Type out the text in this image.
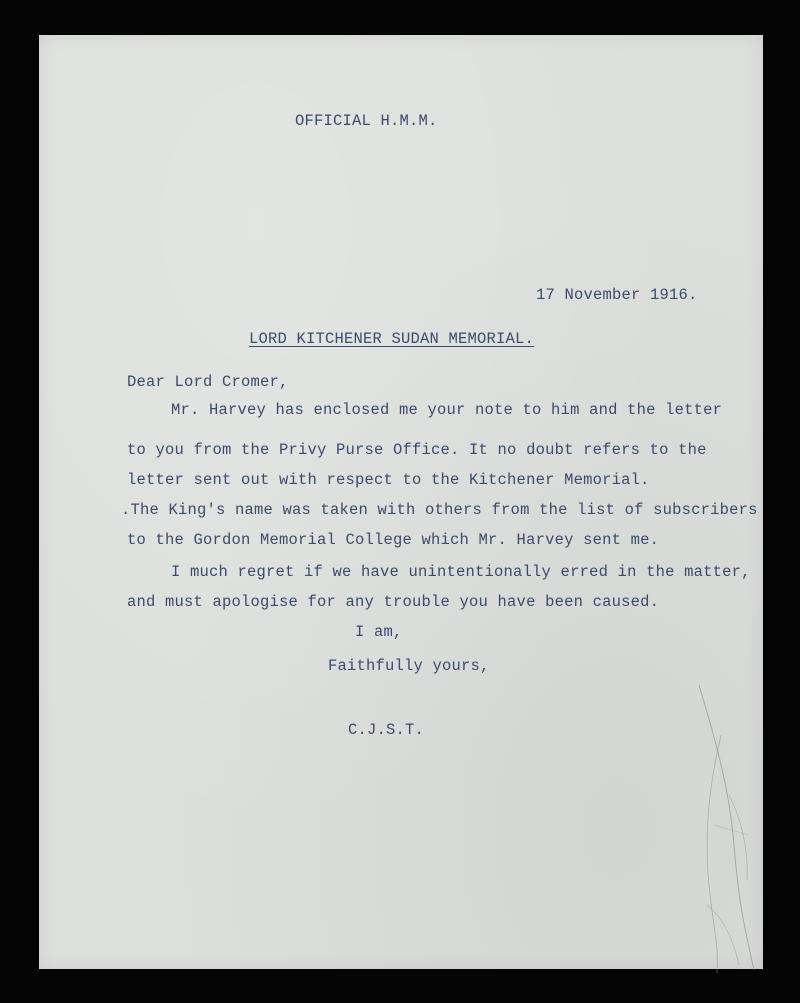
OFFICIAL H.M.M.
17 November 1916.
LORD KITCHENER SUDAN MEMORIAL.
Dear Lord Cromer,
Mr. Harvey has enclosed me your note to him and the letter
to you from the Privy Purse Office. It no doubt refers to the
letter sent out with respect to the Kitchener Memorial.
.The King's name was taken with others from the list of subscribers
to the Gordon Memorial College which Mr. Harvey sent me.
I much regret if we have unintentionally erred in the matter,
and must apologise for any trouble you have been caused.
I am,
Faithfully yours,
C.J.S.T.
